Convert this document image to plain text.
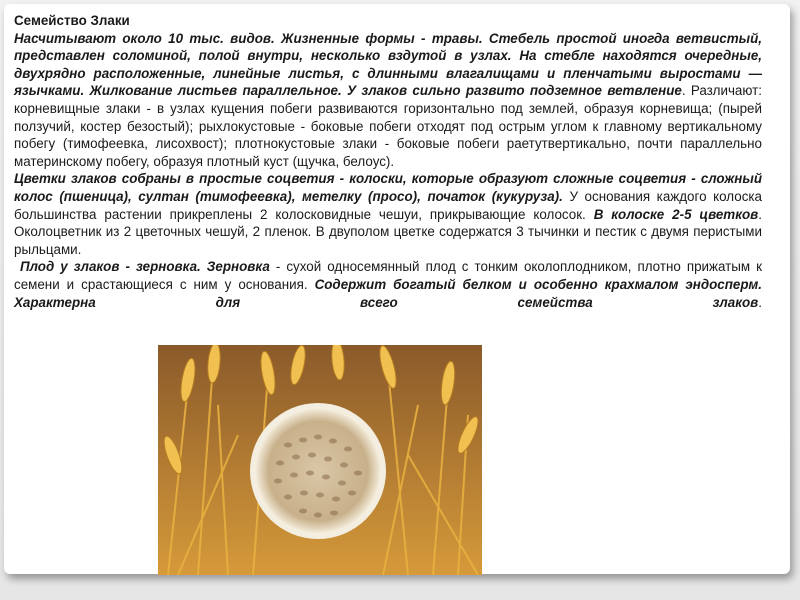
Семейство Злаки

Насчитывают около 10 тыс. видов. Жизненные формы - травы. Стебель простой иногда ветвистый, представлен соломиной, полой внутри, несколько вздутой в узлах. На стебле находятся очередные, двухрядно расположенные, линейные листья, с длинными влагалищами и пленчатыми выростами — язычками. Жилкование листьев параллельное. У злаков сильно развито подземное ветвление. Различают: корневищные злаки - в узлах кущения побеги развиваются горизонтально под землей, образуя корневища; (пырей ползучий, костер безостый); рыхлокустовые - боковые побеги отходят под острым углом к главному вертикальному побегу (тимофеевка, лисохвост); плотнокустовые злаки - боковые побеги раетутвертикально, почти параллельно материнскому побегу, образуя плотный куст (щучка, белоус).

Цветки злаков собраны в простые соцветия - колоски, которые образуют сложные соцветия - сложный колос (пшеница), султан (тимофеевка), метелку (просо), початок (кукуруза). У основания каждого колоска большинства растении прикреплены 2 колосковидные чешуи, прикрывающие колосок. В колоске 2-5 цветков. Околоцветник из 2 цветочных чешуй, 2 пленок. В двуполом цветке содержатся 3 тычинки и пестик с двумя перистыми рыльцами.

Плод у злаков - зерновка. Зерновка - сухой односемянный плод с тонким околоплодником, плотно прижатым к семени и срастающиеся с ним у основания. Содержит богатый белком и особенно крахмалом эндосперм. Характерна для всего семейства злаков.
